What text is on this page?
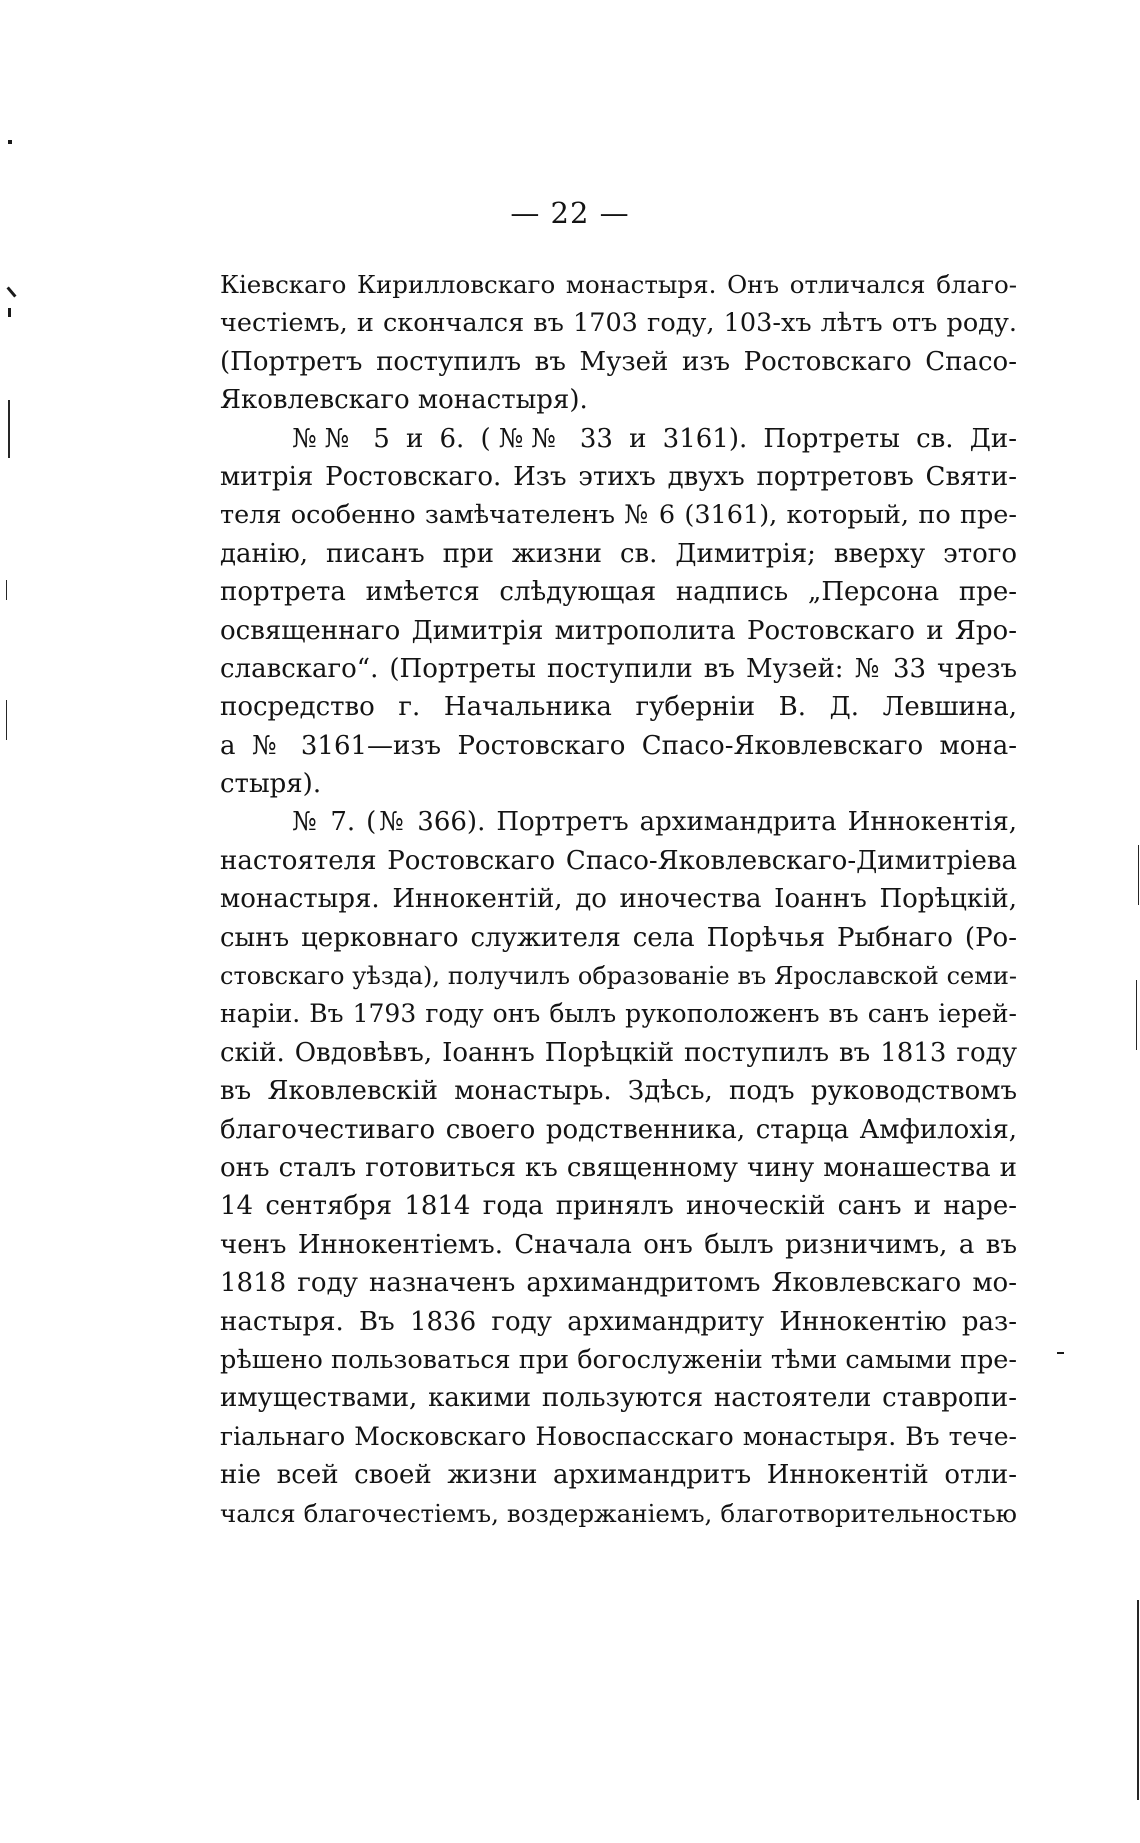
— 22 —
Кіевскаго Кирилловскаго монастыря. Онъ отличался благо-
честіемъ, и скончался въ 1703 году, 103-хъ лѣтъ отъ роду.
(Портретъ поступилъ въ Музей изъ Ростовскаго Спасо-
Яковлевскаго монастыря).
№№ 5 и 6. (№№ 33 и 3161). Портреты св. Ди-
митрія Ростовскаго. Изъ этихъ двухъ портретовъ Святи-
теля особенно замѣчателенъ № 6 (3161), который, по пре-
данію, писанъ при жизни св. Димитрія; вверху этого
портрета имѣется слѣдующая надпись „Персона пре-
освященнаго Димитрія митрополита Ростовскаго и Яро-
славскаго“. (Портреты поступили въ Музей: № 33 чрезъ
посредство г. Начальника губерніи В. Д. Левшина,
а № 3161—изъ Ростовскаго Спасо-Яковлевскаго мона-
стыря).
№ 7. (№ 366). Портретъ архимандрита Иннокентія,
настоятеля Ростовскаго Спасо-Яковлевскаго-Димитріева
монастыря. Иннокентій, до иночества Іоаннъ Порѣцкій,
сынъ церковнаго служителя села Порѣчья Рыбнаго (Ро-
стовскаго уѣзда), получилъ образованіе въ Ярославской семи-
наріи. Въ 1793 году онъ былъ рукоположенъ въ санъ іерей-
скій. Овдовѣвъ, Іоаннъ Порѣцкій поступилъ въ 1813 году
въ Яковлевскій монастырь. Здѣсь, подъ руководствомъ
благочестиваго своего родственника, старца Амфилохія,
онъ сталъ готовиться къ священному чину монашества и
14 сентября 1814 года принялъ иноческій санъ и наре-
ченъ Иннокентіемъ. Сначала онъ былъ ризничимъ, а въ
1818 году назначенъ архимандритомъ Яковлевскаго мо-
настыря. Въ 1836 году архимандриту Иннокентію раз-
рѣшено пользоваться при богослуженіи тѣми самыми пре-
имуществами, какими пользуются настоятели ставропи-
гіальнаго Московскаго Новоспасскаго монастыря. Въ тече-
ніе всей своей жизни архимандритъ Иннокентій отли-
чался благочестіемъ, воздержаніемъ, благотворительностью
